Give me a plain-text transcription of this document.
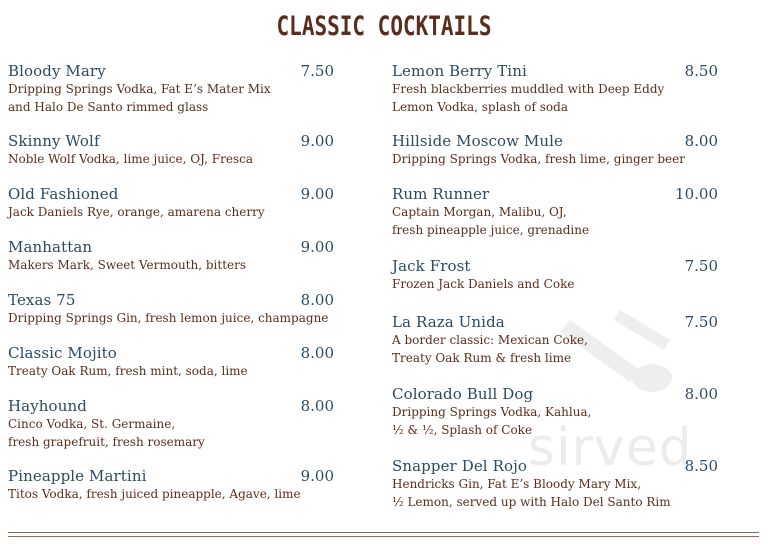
CLASSIC COCKTAILS
sirved
Bloody Mary	7.50
Dripping Springs Vodka, Fat E’s Mater Mix
and Halo De Santo rimmed glass
Skinny Wolf	9.00
Noble Wolf Vodka, lime juice, OJ, Fresca
Old Fashioned	9.00
Jack Daniels Rye, orange, amarena cherry
Manhattan	9.00
Makers Mark, Sweet Vermouth, bitters
Texas 75	8.00
Dripping Springs Gin, fresh lemon juice, champagne
Classic Mojito	8.00
Treaty Oak Rum, fresh mint, soda, lime
Hayhound	8.00
Cinco Vodka, St. Germaine,
fresh grapefruit, fresh rosemary
Pineapple Martini	9.00
Titos Vodka, fresh juiced pineapple, Agave, lime
Lemon Berry Tini	8.50
Fresh blackberries muddled with Deep Eddy
Lemon Vodka, splash of soda
Hillside Moscow Mule	8.00
Dripping Springs Vodka, fresh lime, ginger beer
Rum Runner	10.00
Captain Morgan, Malibu, OJ,
fresh pineapple juice, grenadine
Jack Frost	7.50
Frozen Jack Daniels and Coke
La Raza Unida	7.50
A border classic: Mexican Coke,
Treaty Oak Rum & fresh lime
Colorado Bull Dog	8.00
Dripping Springs Vodka, Kahlua,
½ & ½, Splash of Coke
Snapper Del Rojo	8.50
Hendricks Gin, Fat E’s Bloody Mary Mix,
½ Lemon, served up with Halo Del Santo Rim
